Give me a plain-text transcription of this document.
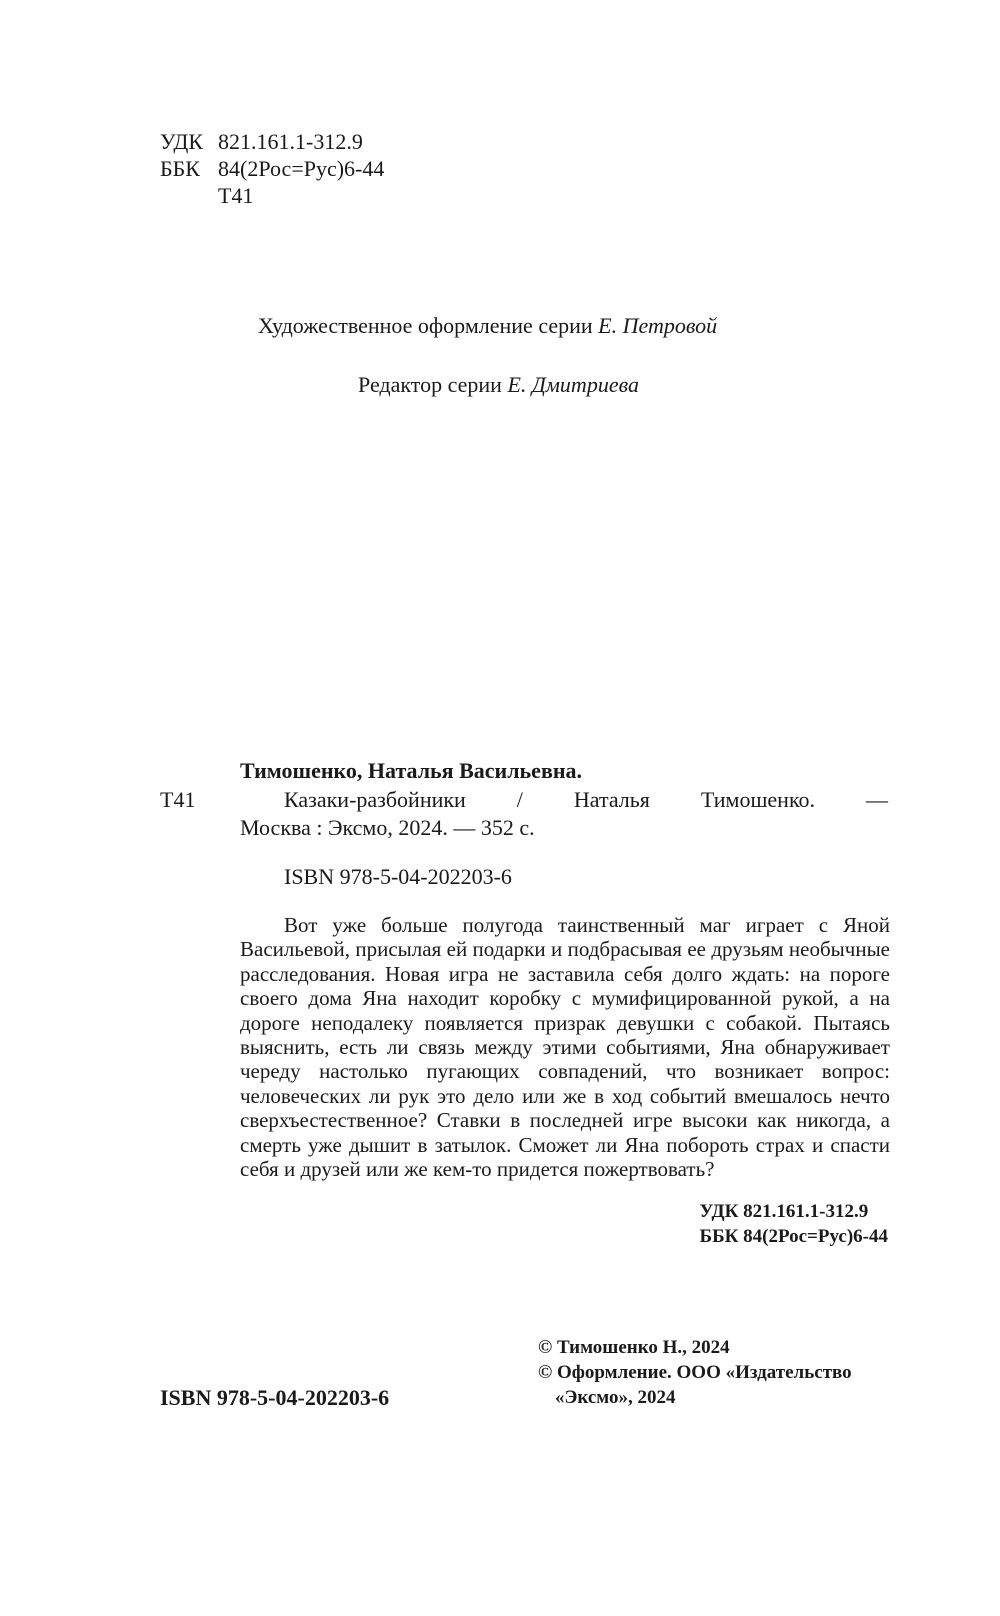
УДК 821.161.1-312.9
ББК 84(2Рос=Рус)6-44
Т41
Художественное оформление серии Е. Петровой
Редактор серии Е. Дмитриева
Тимошенко, Наталья Васильевна.
Т41	Казаки-разбойники / Наталья Тимошенко. —
Москва : Эксмо, 2024. — 352 с.
ISBN 978-5-04-202203-6

Вот уже больше полугода таинственный маг играет с Яной Васильевой, присылая ей подарки и подбрасывая ее друзьям необычные расследования. Новая игра не заставила себя долго ждать: на пороге своего дома Яна находит коробку с мумифицированной рукой, а на дороге неподалеку появляется призрак девушки с собакой. Пытаясь выяснить, есть ли связь между этими событиями, Яна обнаруживает череду настолько пугающих совпадений, что возникает вопрос: человеческих ли рук это дело или же в ход событий вмешалось нечто сверхъестественное? Ставки в последней игре высоки как никогда, а смерть уже дышит в затылок. Сможет ли Яна побороть страх и спасти себя и друзей или же кем-то придется пожертвовать?

УДК 821.161.1-312.9
ББК 84(2Рос=Рус)6-44
© Тимошенко Н., 2024
© Оформление. ООО «Издательство
«Эксмо», 2024
ISBN 978-5-04-202203-6
